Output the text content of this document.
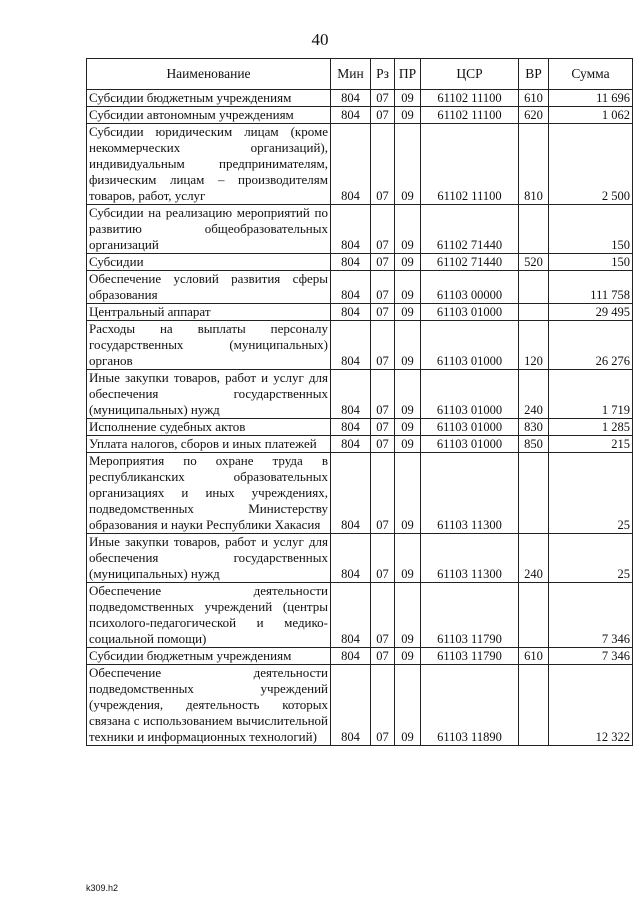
40
Наименование	Мин	Рз	ПР	ЦСР	ВР	Сумма
Субсидии бюджетным учреждениям	804	07	09	61102 11100	610	11 696
Субсидии автономным учреждениям	804	07	09	61102 11100	620	1 062
Субсидии юридическим лицам (кроме некоммерческих организаций), индивидуальным предпринимателям, физическим лицам – производителям товаров, работ, услуг	804	07	09	61102 11100	810	2 500
Субсидии на реализацию мероприятий по развитию общеобразовательных организаций	804	07	09	61102 71440		150
Субсидии	804	07	09	61102 71440	520	150
Обеспечение условий развития сферы образования	804	07	09	61103 00000		111 758
Центральный аппарат	804	07	09	61103 01000		29 495
Расходы на выплаты персоналу государственных (муниципальных) органов	804	07	09	61103 01000	120	26 276
Иные закупки товаров, работ и услуг для обеспечения государственных (муниципальных) нужд	804	07	09	61103 01000	240	1 719
Исполнение судебных актов	804	07	09	61103 01000	830	1 285
Уплата налогов, сборов и иных платежей	804	07	09	61103 01000	850	215
Мероприятия по охране труда в республиканских образовательных организациях и иных учреждениях, подведомственных Министерству образования и науки Республики Хакасия	804	07	09	61103 11300		25
Иные закупки товаров, работ и услуг для обеспечения государственных (муниципальных) нужд	804	07	09	61103 11300	240	25
Обеспечение деятельности подведомственных учреждений (центры психолого-педагогической и медико-социальной помощи)	804	07	09	61103 11790		7 346
Субсидии бюджетным учреждениям	804	07	09	61103 11790	610	7 346
Обеспечение деятельности подведомственных учреждений (учреждения, деятельность которых связана с использованием вычислительной техники и информационных технологий)	804	07	09	61103 11890		12 322
k309.h2
